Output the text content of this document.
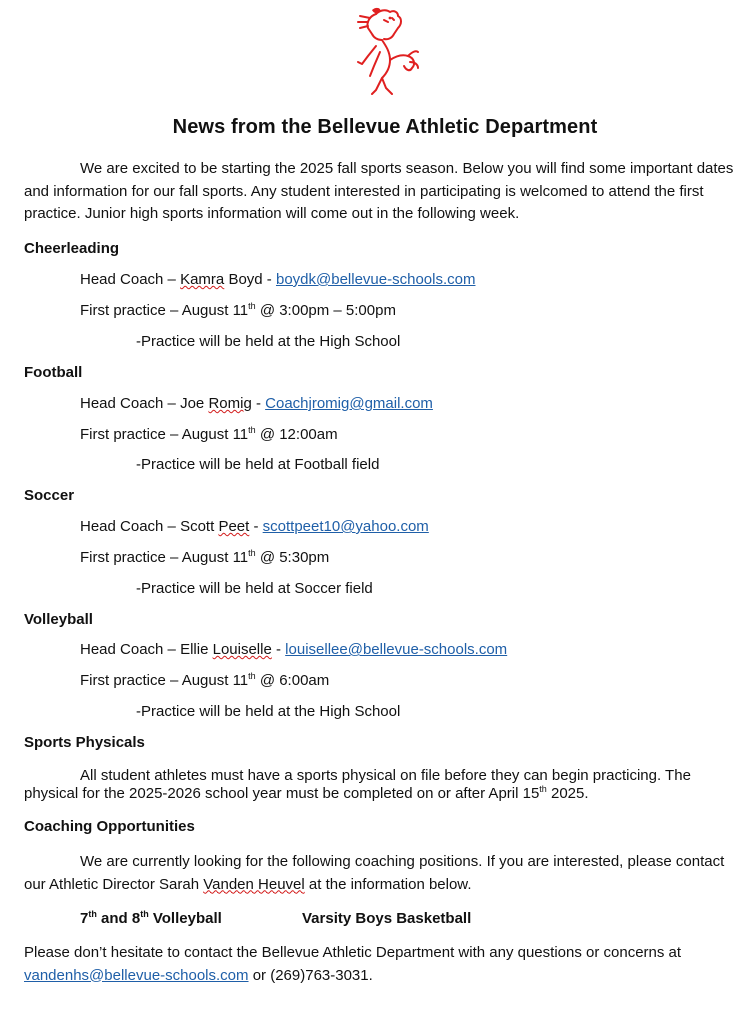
News from the Bellevue Athletic Department
We are excited to be starting the 2025 fall sports season. Below you will find some important dates and information for our fall sports. Any student interested in participating is welcomed to attend the first practice. Junior high sports information will come out in the following week.
Cheerleading
Head Coach – Kamra Boyd - boydk@bellevue-schools.com
First practice – August 11th @ 3:00pm – 5:00pm
-Practice will be held at the High School
Football
Head Coach – Joe Romig - Coachjromig@gmail.com
First practice – August 11th @ 12:00am
-Practice will be held at Football field
Soccer
Head Coach – Scott Peet - scottpeet10@yahoo.com
First practice – August 11th @ 5:30pm
-Practice will be held at Soccer field
Volleyball
Head Coach – Ellie Louiselle - louisellee@bellevue-schools.com
First practice – August 11th @ 6:00am
-Practice will be held at the High School
Sports Physicals
All student athletes must have a sports physical on file before they can begin practicing. The physical for the 2025-2026 school year must be completed on or after April 15th 2025.
Coaching Opportunities
We are currently looking for the following coaching positions. If you are interested, please contact our Athletic Director Sarah Vanden Heuvel at the information below.
7th and 8th Volleyball	Varsity Boys Basketball
Please don’t hesitate to contact the Bellevue Athletic Department with any questions or concerns at vandenhs@bellevue-schools.com or (269)763-3031.
